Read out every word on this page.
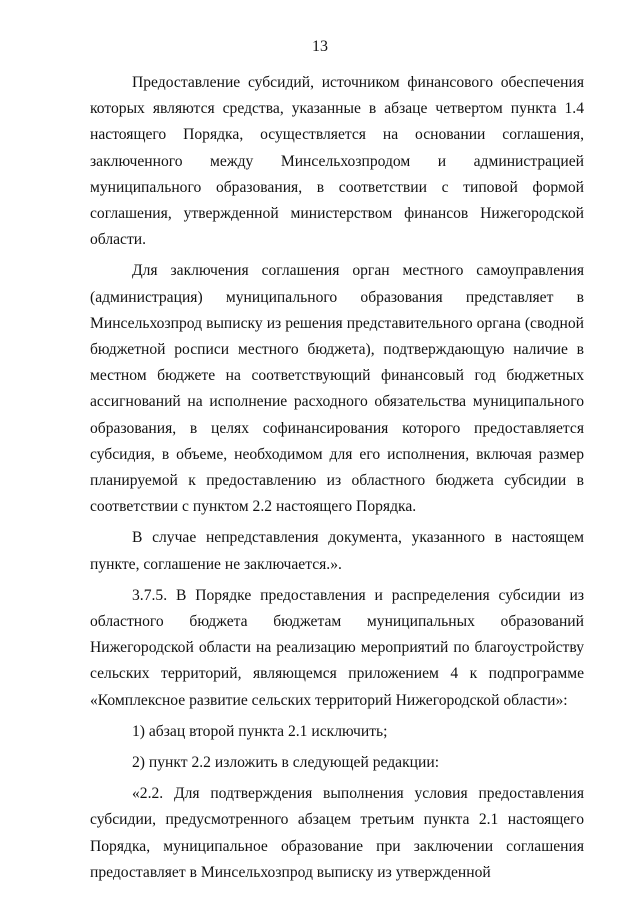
13

Предоставление субсидий, источником финансового обеспечения которых являются средства, указанные в абзаце четвертом пункта 1.4 настоящего Порядка, осуществляется на основании соглашения, заключенного между Минсельхозпродом и администрацией муниципального образования, в соответствии с типовой формой соглашения, утвержденной министерством финансов Нижегородской области.

Для заключения соглашения орган местного самоуправления (администрация) муниципального образования представляет в Минсельхозпрод выписку из решения представительного органа (сводной бюджетной росписи местного бюджета), подтверждающую наличие в местном бюджете на соответствующий финансовый год бюджетных ассигнований на исполнение расходного обязательства муниципального образования, в целях софинансирования которого предоставляется субсидия, в объеме, необходимом для его исполнения, включая размер планируемой к предоставлению из областного бюджета субсидии в соответствии с пунктом 2.2 настоящего Порядка.

В случае непредставления документа, указанного в настоящем пункте, соглашение не заключается.».

3.7.5. В Порядке предоставления и распределения субсидии из областного бюджета бюджетам муниципальных образований Нижегородской области на реализацию мероприятий по благоустройству сельских территорий, являющемся приложением 4 к подпрограмме «Комплексное развитие сельских территорий Нижегородской области»:

1) абзац второй пункта 2.1 исключить;

2) пункт 2.2 изложить в следующей редакции:

«2.2. Для подтверждения выполнения условия предоставления субсидии, предусмотренного абзацем третьим пункта 2.1 настоящего Порядка, муниципальное образование при заключении соглашения предоставляет в Минсельхозпрод выписку из утвержденной
